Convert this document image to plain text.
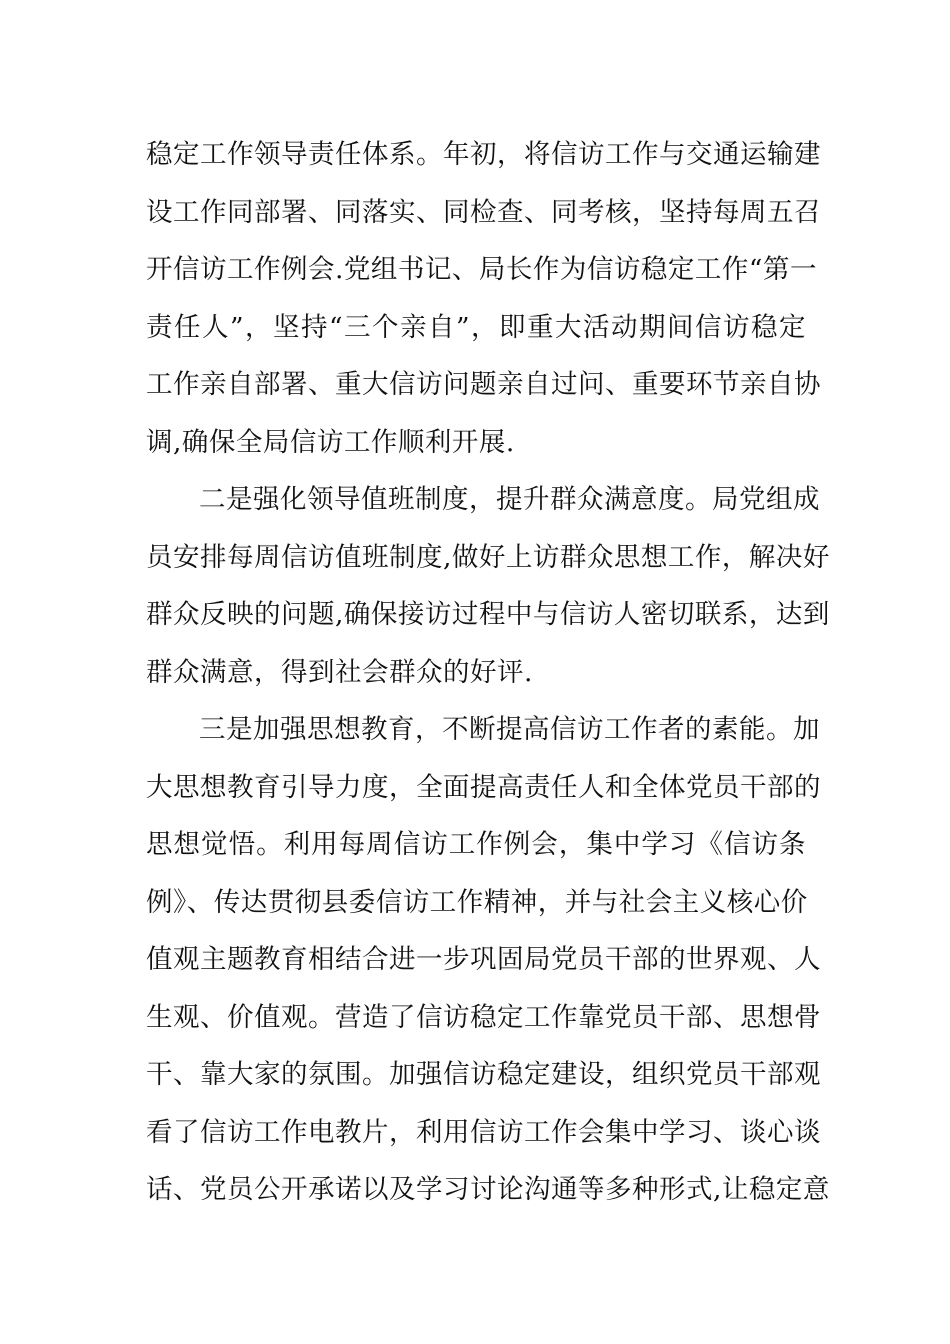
稳定工作领导责任体系。年初，将信访工作与交通运输建
设工作同部署、同落实、同检查、同考核，坚持每周五召
开信访工作例会.党组书记、局长作为信访稳定工作“第一
责任人”，坚持“三个亲自”，即重大活动期间信访稳定
工作亲自部署、重大信访问题亲自过问、重要环节亲自协
调,确保全局信访工作顺利开展.
二是强化领导值班制度，提升群众满意度。局党组成
员安排每周信访值班制度,做好上访群众思想工作，解决好
群众反映的问题,确保接访过程中与信访人密切联系，达到
群众满意，得到社会群众的好评.
三是加强思想教育，不断提高信访工作者的素能。加
大思想教育引导力度，全面提高责任人和全体党员干部的
思想觉悟。利用每周信访工作例会，集中学习《信访条
例》、传达贯彻县委信访工作精神，并与社会主义核心价
值观主题教育相结合进一步巩固局党员干部的世界观、人
生观、价值观。营造了信访稳定工作靠党员干部、思想骨
干、靠大家的氛围。加强信访稳定建设，组织党员干部观
看了信访工作电教片，利用信访工作会集中学习、谈心谈
话、党员公开承诺以及学习讨论沟通等多种形式,让稳定意
